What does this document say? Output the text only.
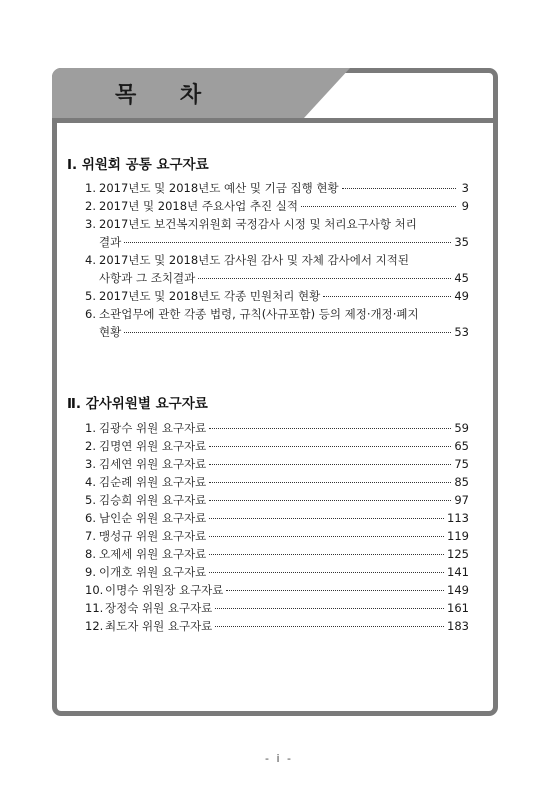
목 차
Ⅰ. 위원회 공통 요구자료
1. 2017년도 및 2018년도 예산 및 기금 집행 현황	3
2. 2017년 및 2018년 주요사업 추진 실적	9
3. 2017년도 보건복지위원회 국정감사 시정 및 처리요구사항 처리
결과	35
4. 2017년도 및 2018년도 감사원 감사 및 자체 감사에서 지적된
사항과 그 조치결과	45
5. 2017년도 및 2018년도 각종 민원처리 현황	49
6. 소관업무에 관한 각종 법령, 규칙(사규포함) 등의 제정·개정·폐지
현황	53
Ⅱ. 감사위원별 요구자료
1. 김광수 위원 요구자료	59
2. 김명연 위원 요구자료	65
3. 김세연 위원 요구자료	75
4. 김순례 위원 요구자료	85
5. 김승희 위원 요구자료	97
6. 남인순 위원 요구자료	113
7. 맹성규 위원 요구자료	119
8. 오제세 위원 요구자료	125
9. 이개호 위원 요구자료	141
10. 이명수 위원장 요구자료	149
11. 장정숙 위원 요구자료	161
12. 최도자 위원 요구자료	183
- i -
